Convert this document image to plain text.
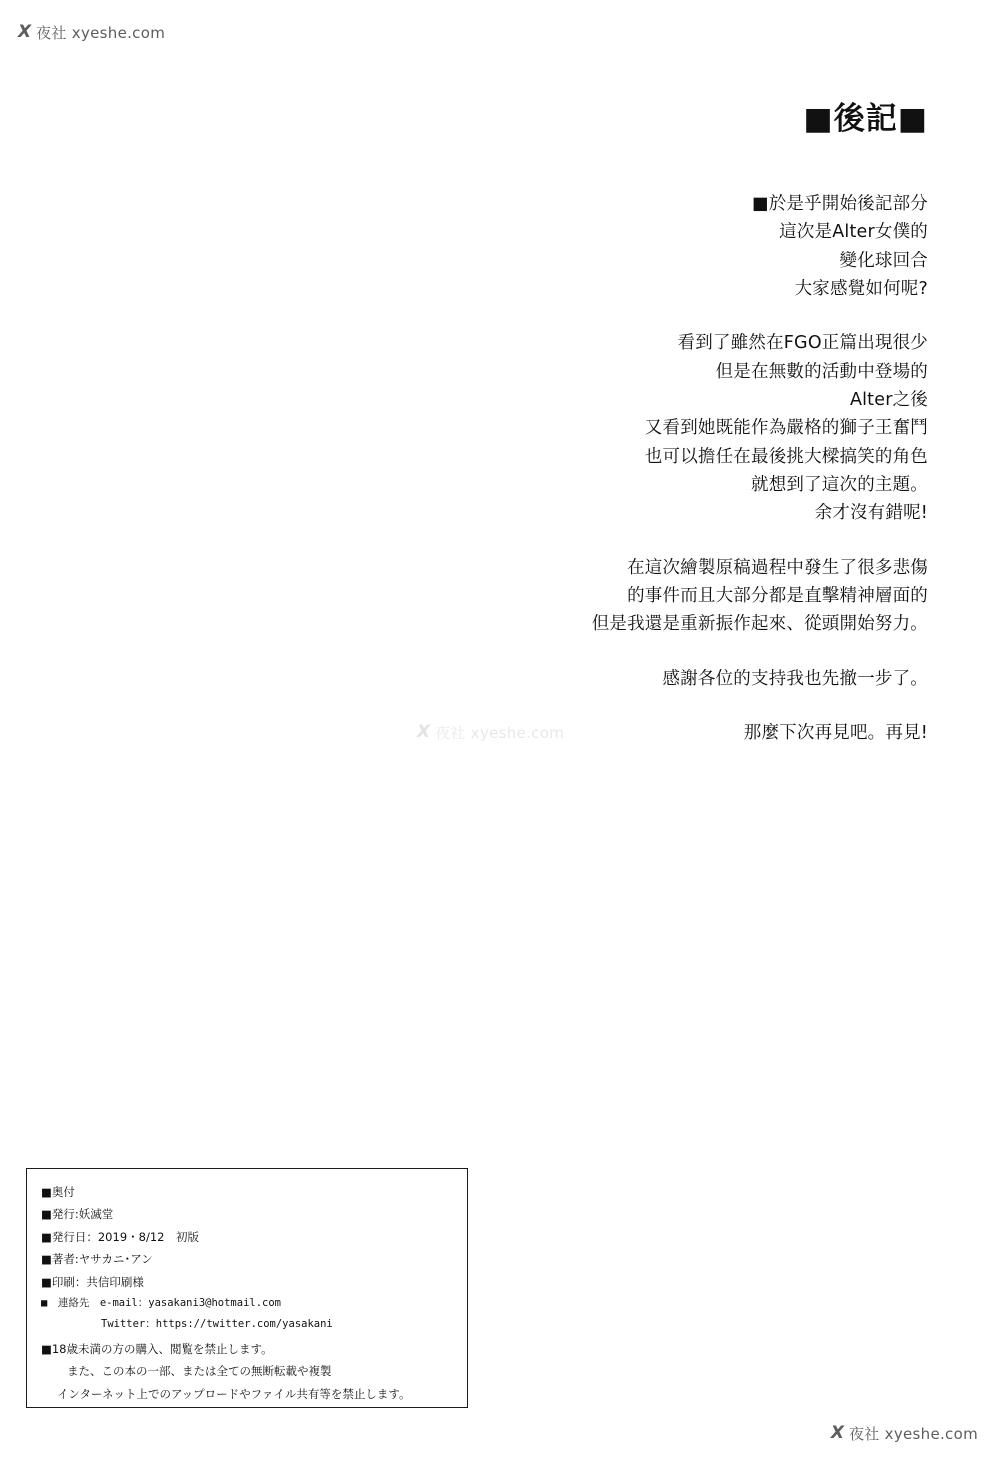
X 夜社 xyeshe.com
■後記■
■於是乎開始後記部分
這次是Alter女僕的
變化球回合
大家感覺如何呢?
看到了雖然在FGO正篇出現很少
但是在無數的活動中登場的
Alter之後
又看到她既能作為嚴格的獅子王奮鬥
也可以擔任在最後挑大樑搞笑的角色
就想到了這次的主題。
余才沒有錯呢!
在這次繪製原稿過程中發生了很多悲傷
的事件而且大部分都是直擊精神層面的
但是我還是重新振作起來、從頭開始努力。
感謝各位的支持我也先撤一步了。
那麼下次再見吧。再見!
X 夜社 xyeshe.com
■奥付
■発行:妖滅堂
■発行日：2019・8/12　初版
■著者:ヤサカニ･アン
■印刷：共信印刷様
■　連絡先　e-mail：yasakani3@hotmail.com
Twitter：https://twitter.com/yasakani
■18歳未満の方の購入、閲覧を禁止します。
また、この本の一部、または全ての無断転載や複製
インターネット上でのアップロードやファイル共有等を禁止します。
X 夜社 xyeshe.com
